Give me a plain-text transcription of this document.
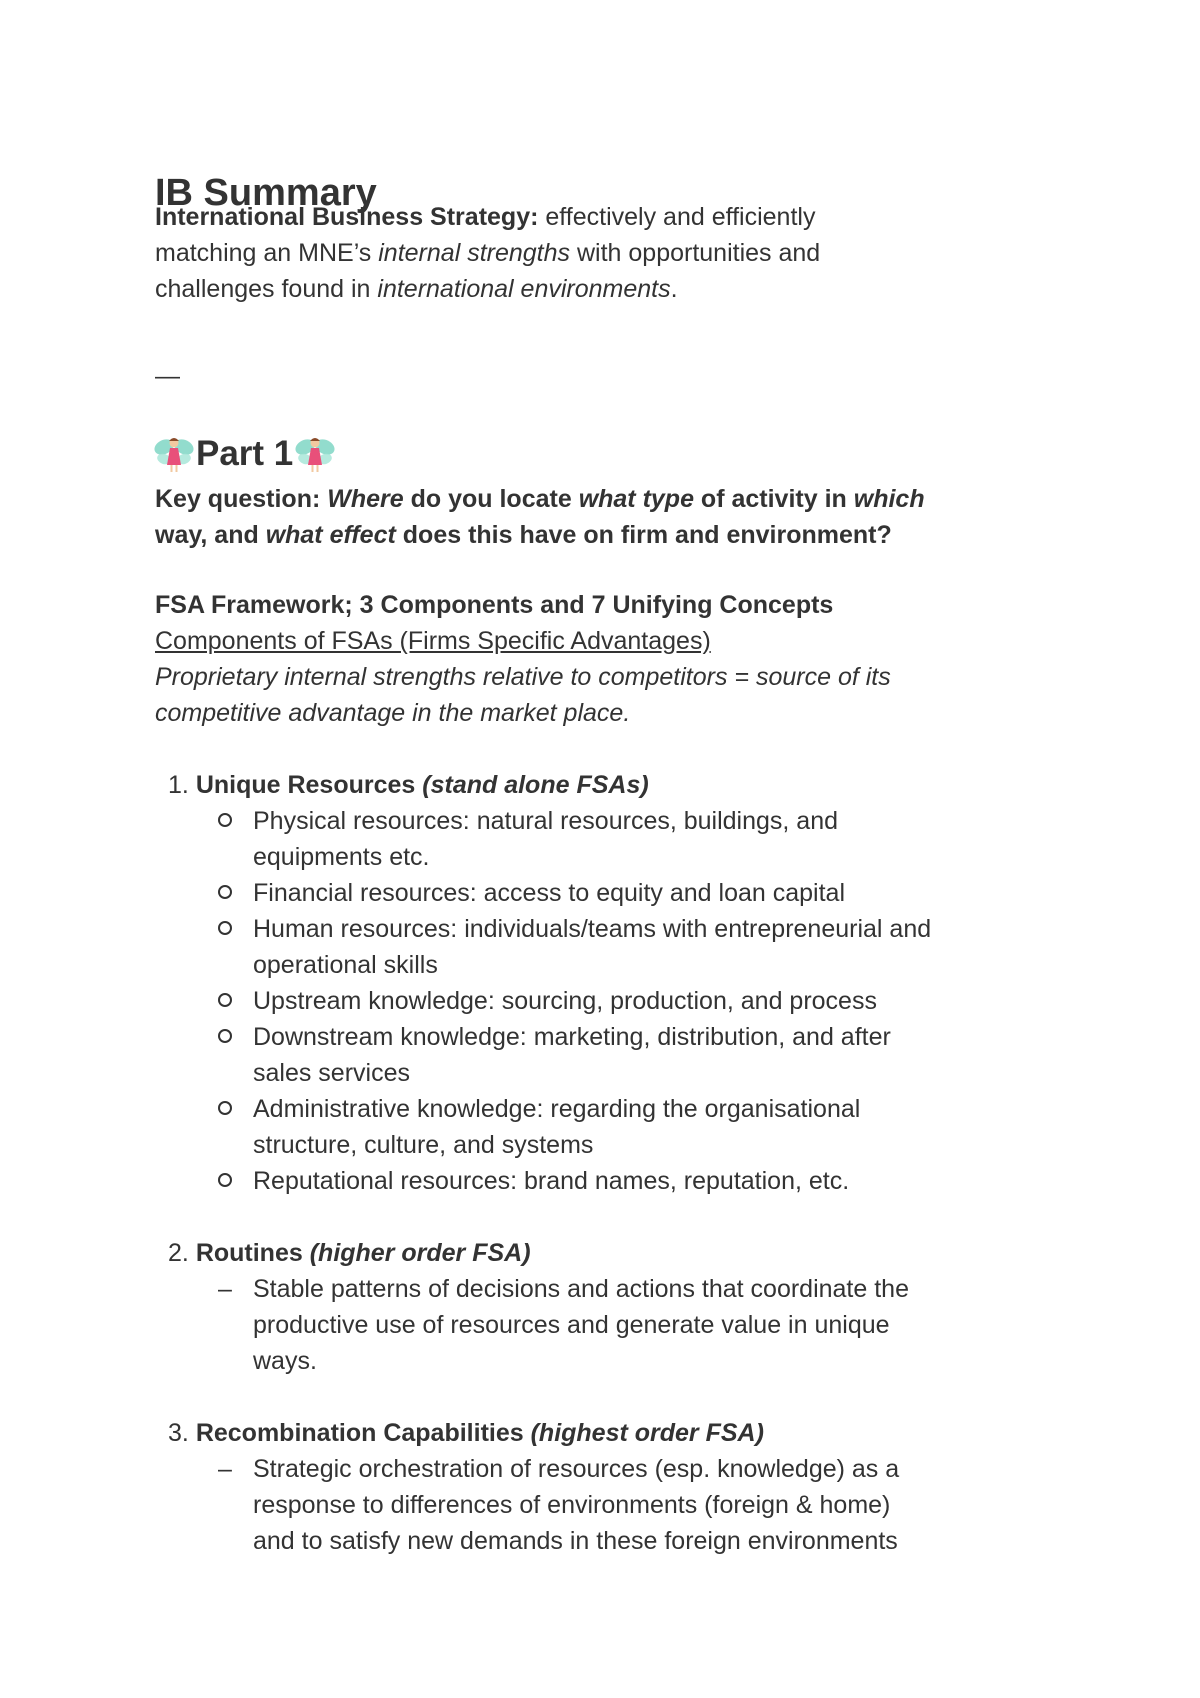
IB Summary
International Business Strategy: effectively and efficiently
matching an MNE’s internal strengths with opportunities and
challenges found in international environments.
—
Part 1
Key question: Where do you locate what type of activity in which
way, and what effect does this have on firm and environment?
FSA Framework; 3 Components and 7 Unifying Concepts
Components of FSAs (Firms Specific Advantages)
Proprietary internal strengths relative to competitors = source of its
competitive advantage in the market place.
1. Unique Resources (stand alone FSAs)
Physical resources: natural resources, buildings, and
equipments etc.
Financial resources: access to equity and loan capital
Human resources: individuals/teams with entrepreneurial and
operational skills
Upstream knowledge: sourcing, production, and process
Downstream knowledge: marketing, distribution, and after
sales services
Administrative knowledge: regarding the organisational
structure, culture, and systems
Reputational resources: brand names, reputation, etc.
2. Routines (higher order FSA)
– Stable patterns of decisions and actions that coordinate the
productive use of resources and generate value in unique
ways.
3. Recombination Capabilities (highest order FSA)
– Strategic orchestration of resources (esp. knowledge) as a
response to differences of environments (foreign & home)
and to satisfy new demands in these foreign environments
